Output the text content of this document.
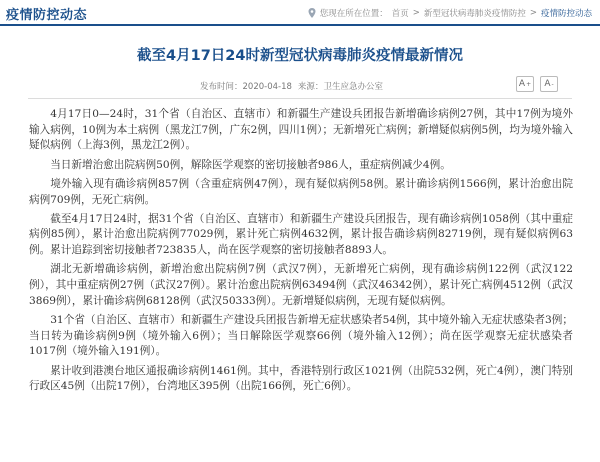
疫情防控动态	您现在所在位置： 首页 > 新型冠状病毒肺炎疫情防控 > 疫情防控动态
截至4月17日24时新型冠状病毒肺炎疫情最新情况
发布时间：2020-04-18 来源：卫生应急办公室	A + A -

4月17日0—24时，31个省（自治区、直辖市）和新疆生产建设兵团报告新增确诊病例27例，其中17例为境外输入病例，10例为本土病例（黑龙江7例，广东2例，四川1例）；无新增死亡病例；新增疑似病例5例，均为境外输入疑似病例（上海3例，黑龙江2例）。

当日新增治愈出院病例50例，解除医学观察的密切接触者986人，重症病例减少4例。

境外输入现有确诊病例857例（含重症病例47例），现有疑似病例58例。累计确诊病例1566例，累计治愈出院病例709例，无死亡病例。

截至4月17日24时，据31个省（自治区、直辖市）和新疆生产建设兵团报告，现有确诊病例1058例（其中重症病例85例），累计治愈出院病例77029例，累计死亡病例4632例，累计报告确诊病例82719例，现有疑似病例63例。累计追踪到密切接触者723835人，尚在医学观察的密切接触者8893人。

湖北无新增确诊病例，新增治愈出院病例7例（武汉7例），无新增死亡病例，现有确诊病例122例（武汉122例），其中重症病例27例（武汉27例）。累计治愈出院病例63494例（武汉46342例），累计死亡病例4512例（武汉3869例），累计确诊病例68128例（武汉50333例）。无新增疑似病例，无现有疑似病例。

31个省（自治区、直辖市）和新疆生产建设兵团报告新增无症状感染者54例，其中境外输入无症状感染者3例；当日转为确诊病例9例（境外输入6例）；当日解除医学观察66例（境外输入12例）；尚在医学观察无症状感染者1017例（境外输入191例）。

累计收到港澳台地区通报确诊病例1461例。其中，香港特别行政区1021例（出院532例，死亡4例），澳门特别行政区45例（出院17例），台湾地区395例（出院166例，死亡6例）。
